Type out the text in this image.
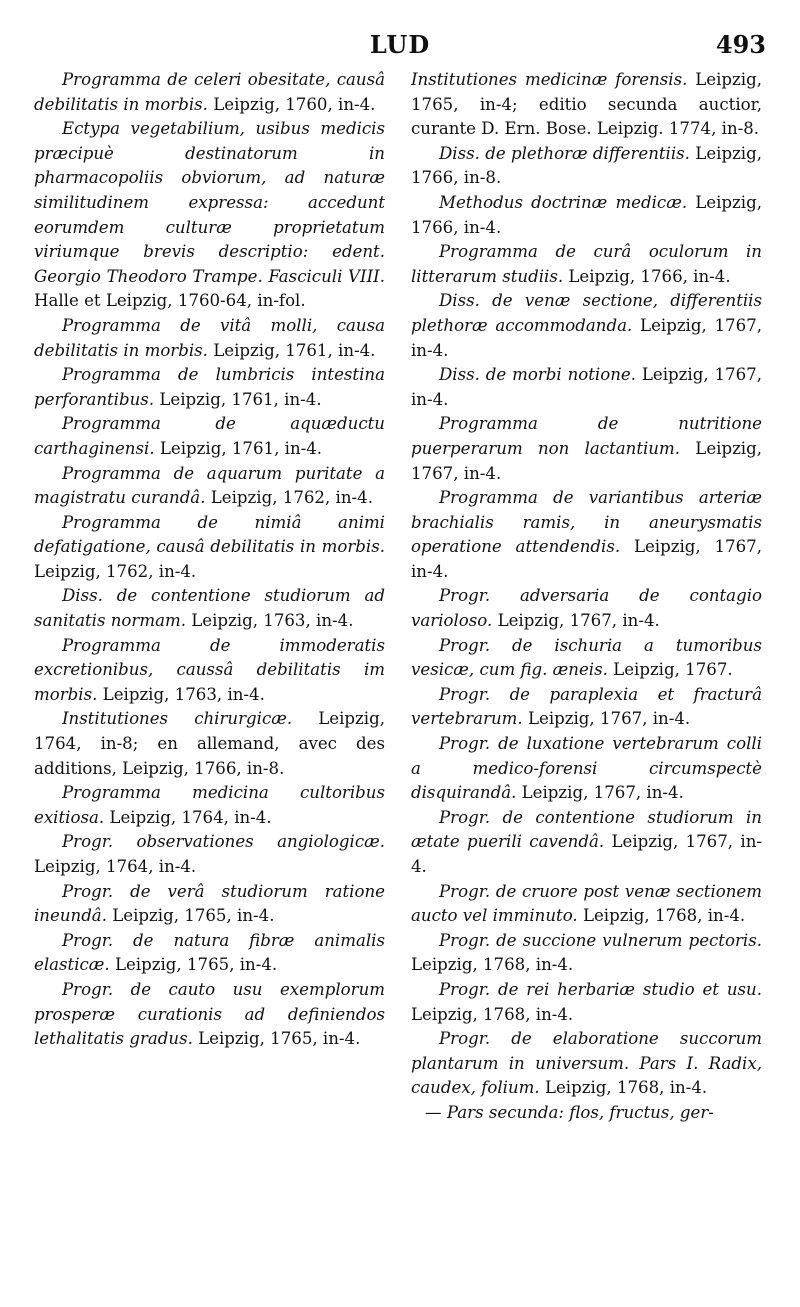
LUD	493

Programma de celeri obesitate, causâ debilitatis in morbis. Leipzig, 1760, in-4.

Ectypa vegetabilium, usibus medicis præcipuè destinatorum in pharmacopoliis obviorum, ad naturæ similitudinem expressa: accedunt eorumdem culturæ proprietatum viriumque brevis descriptio: edent. Georgio Theodoro Trampe. Fasciculi VIII. Halle et Leipzig, 1760-64, in-fol.

Programma de vitâ molli, causa debilitatis in morbis. Leipzig, 1761, in-4.

Programma de lumbricis intestina perforantibus. Leipzig, 1761, in-4.

Programma de aquæductu carthaginensi. Leipzig, 1761, in-4.

Programma de aquarum puritate a magistratu curandâ. Leipzig, 1762, in-4.

Programma de nimiâ animi defatigatione, causâ debilitatis in morbis. Leipzig, 1762, in-4.

Diss. de contentione studiorum ad sanitatis normam. Leipzig, 1763, in-4.

Programma de immoderatis excretionibus, caussâ debilitatis im morbis. Leipzig, 1763, in-4.

Institutiones chirurgicæ. Leipzig, 1764, in-8; en allemand, avec des additions, Leipzig, 1766, in-8.

Programma medicina cultoribus exitiosa. Leipzig, 1764, in-4.

Progr. observationes angiologicæ. Leipzig, 1764, in-4.

Progr. de verâ studiorum ratione ineundâ. Leipzig, 1765, in-4.

Progr. de natura fibræ animalis elasticæ. Leipzig, 1765, in-4.

Progr. de cauto usu exemplorum prosperæ curationis ad definiendos lethalitatis gradus. Leipzig, 1765, in-4.

Institutiones medicinæ forensis. Leipzig, 1765, in-4; editio secunda auctior, curante D. Ern. Bose. Leipzig. 1774, in-8.

Diss. de plethoræ differentiis. Leipzig, 1766, in-8.

Methodus doctrinæ medicæ. Leipzig, 1766, in-4.

Programma de curâ oculorum in litterarum studiis. Leipzig, 1766, in-4.

Diss. de venæ sectione, differentiis plethoræ accommodanda. Leipzig, 1767, in-4.

Diss. de morbi notione. Leipzig, 1767, in-4.

Programma de nutritione puerperarum non lactantium. Leipzig, 1767, in-4.

Programma de variantibus arteriæ brachialis ramis, in aneurysmatis operatione attendendis. Leipzig, 1767, in-4.

Progr. adversaria de contagio varioloso. Leipzig, 1767, in-4.

Progr. de ischuria a tumoribus vesicæ, cum fig. æneis. Leipzig, 1767.

Progr. de paraplexia et fracturâ vertebrarum. Leipzig, 1767, in-4.

Progr. de luxatione vertebrarum colli a medico-forensi circumspectè disquirandâ. Leipzig, 1767, in-4.

Progr. de contentione studiorum in ætate puerili cavendâ. Leipzig, 1767, in-4.

Progr. de cruore post venæ sectionem aucto vel imminuto. Leipzig, 1768, in-4.

Progr. de succione vulnerum pectoris. Leipzig, 1768, in-4.

Progr. de rei herbariæ studio et usu. Leipzig, 1768, in-4.

Progr. de elaboratione succorum plantarum in universum. Pars I. Radix, caudex, folium. Leipzig, 1768, in-4.

— Pars secunda: flos, fructus, ger-
